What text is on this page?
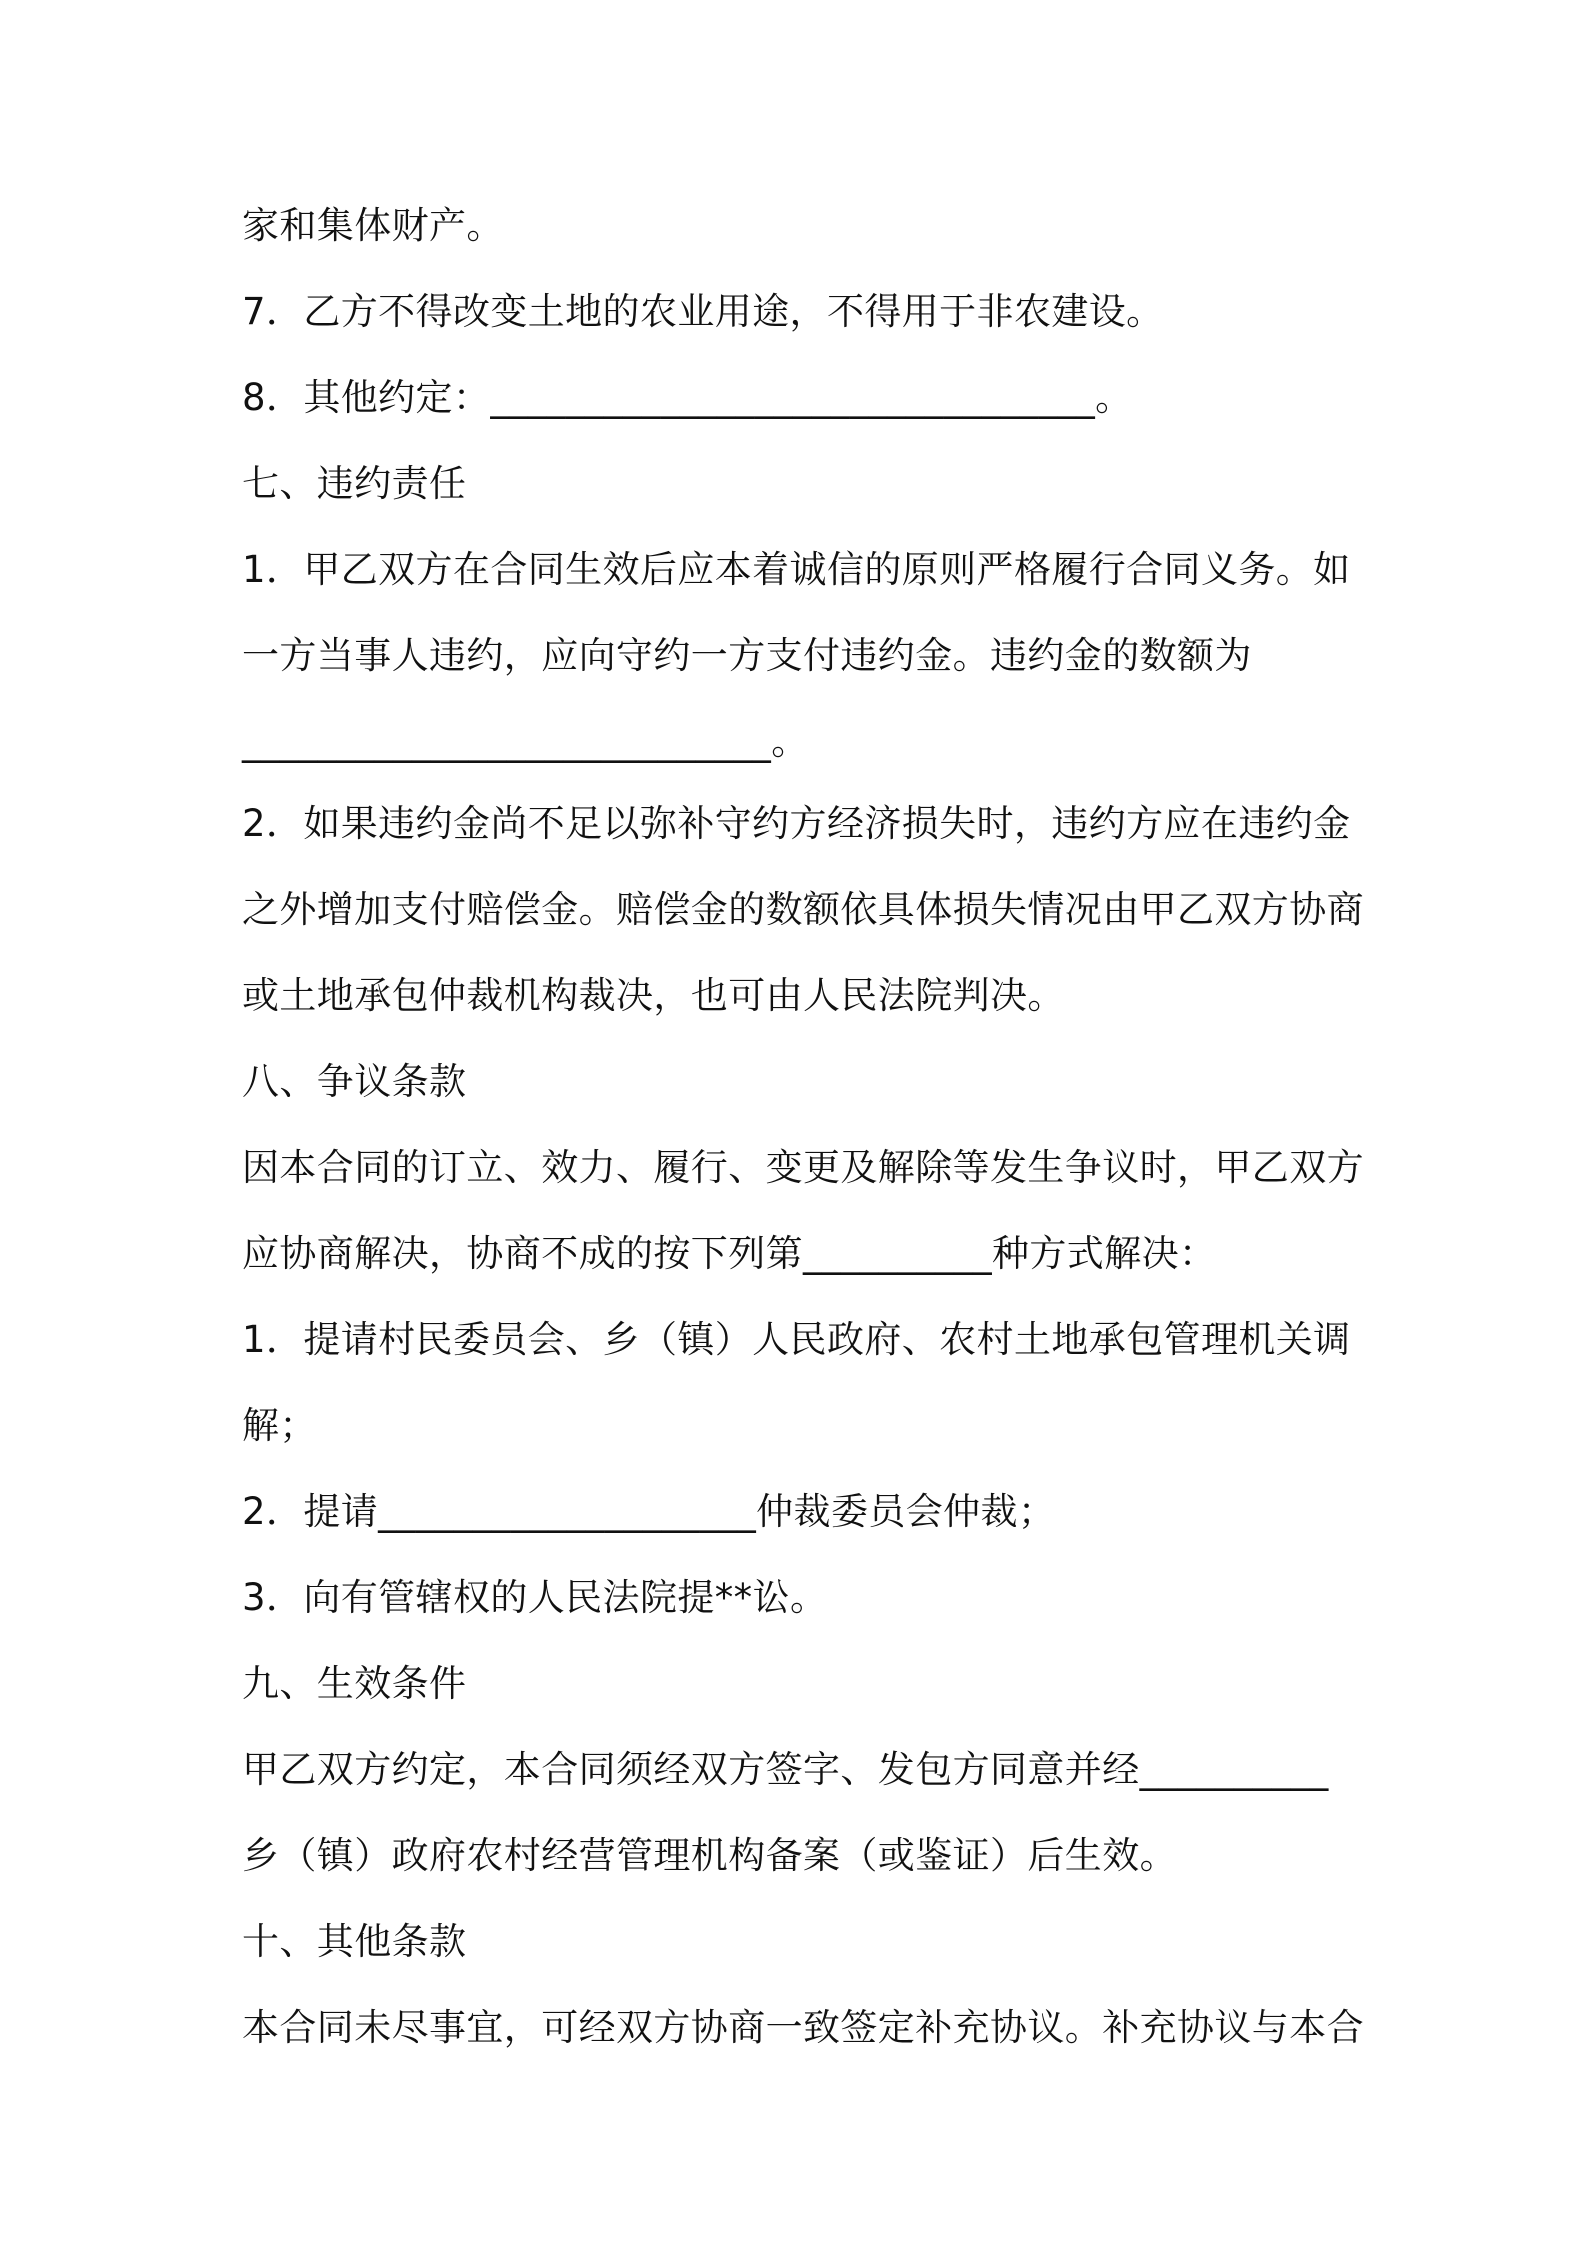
家和集体财产。
7．乙方不得改变土地的农业用途，不得用于非农建设。
8．其他约定：________________________________。
七、违约责任
1．甲乙双方在合同生效后应本着诚信的原则严格履行合同义务。如
一方当事人违约，应向守约一方支付违约金。违约金的数额为
____________________________。
2．如果违约金尚不足以弥补守约方经济损失时，违约方应在违约金
之外增加支付赔偿金。赔偿金的数额依具体损失情况由甲乙双方协商
或土地承包仲裁机构裁决，也可由人民法院判决。
八、争议条款
因本合同的订立、效力、履行、变更及解除等发生争议时，甲乙双方
应协商解决，协商不成的按下列第__________种方式解决：
1．提请村民委员会、乡（镇）人民政府、农村土地承包管理机关调
解；
2．提请____________________仲裁委员会仲裁；
3．向有管辖权的人民法院提**讼。
九、生效条件
甲乙双方约定，本合同须经双方签字、发包方同意并经__________
乡（镇）政府农村经营管理机构备案（或鉴证）后生效。
十、其他条款
本合同未尽事宜，可经双方协商一致签定补充协议。补充协议与本合
